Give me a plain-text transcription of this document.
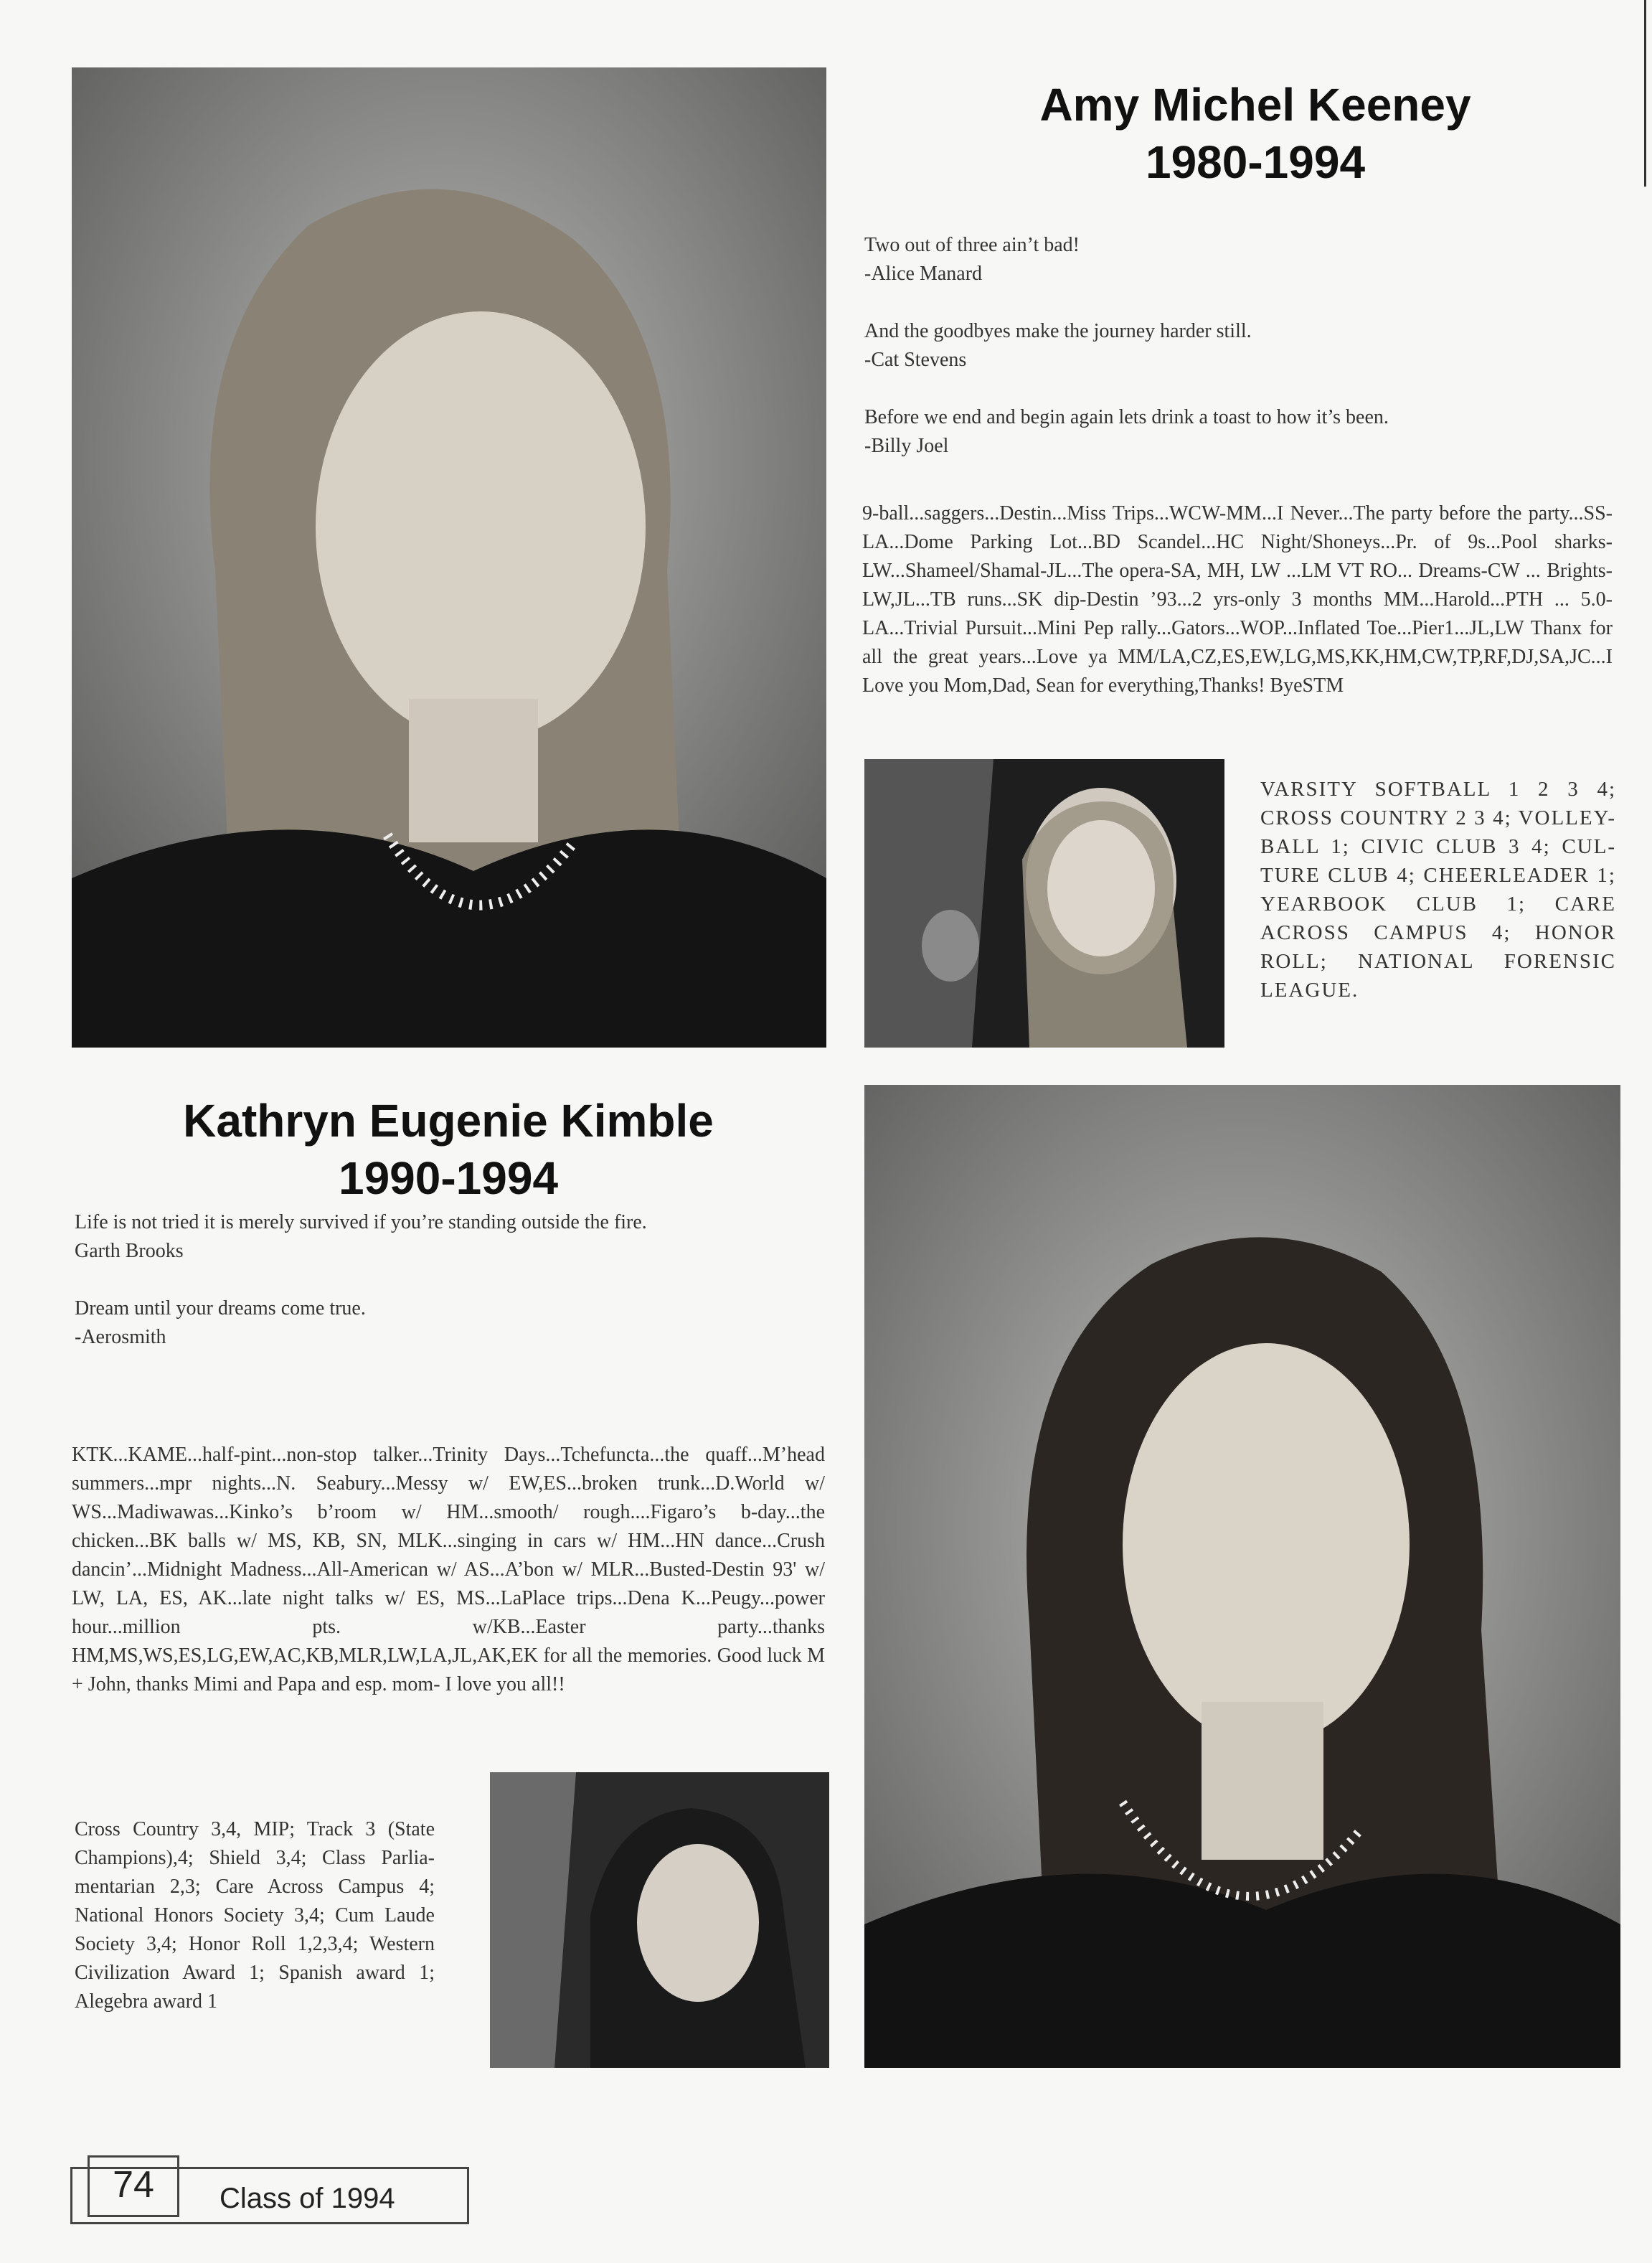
Amy Michel Keeney
1980-1994

Two out of three ain’t bad!

-Alice Manard

And the goodbyes make the journey harder still.

-Cat Stevens

Before we end and begin again lets drink a toast to how it’s been.

-Billy Joel

9-ball...saggers...Destin...Miss Trips...WCW-MM...I Never...The party before the party...SS-LA...Dome Parking Lot...BD Scandel...HC Night/Shoneys...Pr. of 9s...Pool sharks-LW...Shameel/Shamal-JL...The opera-SA, MH, LW ...LM VT RO... Dreams-CW ... Brights-LW,JL...TB runs...SK dip-Destin ’93...2 yrs-only 3 months MM...Harold...PTH ... 5.0-LA...Trivial Pursuit...Mini Pep rally...Gators...WOP...Inflated Toe...Pier1...JL,LW Thanx for all the great years...Love ya MM/LA,CZ,ES,EW,LG,MS,KK,HM,CW,TP,RF,DJ,SA,JC...I Love you Mom,Dad, Sean for everything,Thanks! ByeSTM
VARSITY SOFTBALL 1 2 3 4; CROSS COUNTRY 2 3 4; VOLLEY-BALL 1; CIVIC CLUB 3 4; CUL-TURE CLUB 4; CHEERLEADER 1; YEARBOOK CLUB 1; CARE ACROSS CAMPUS 4; HONOR ROLL; NATIONAL FORENSIC LEAGUE.
Kathryn Eugenie Kimble
1990-1994

Life is not tried it is merely survived if you’re standing outside the fire.

Garth Brooks

Dream until your dreams come true.

-Aerosmith

KTK...KAME...half-pint...non-stop talker...Trinity Days...Tchefuncta...the quaff...M’head summers...mpr nights...N. Seabury...Messy w/ EW,ES...broken trunk...D.World w/ WS...Madiwawas...Kinko’s b’room w/ HM...smooth/ rough....Figaro’s b-day...the chicken...BK balls w/ MS, KB, SN, MLK...singing in cars w/ HM...HN dance...Crush dancin’...Midnight Madness...All-American w/ AS...A’bon w/ MLR...Busted-Destin 93' w/ LW, LA, ES, AK...late night talks w/ ES, MS...LaPlace trips...Dena K...Peugy...power hour...million pts. w/KB...Easter party...thanks HM,MS,WS,ES,LG,EW,AC,KB,MLR,LW,LA,JL,AK,EK for all the memories. Good luck M + John, thanks Mimi and Papa and esp. mom- I love you all!!
Cross Country 3,4, MIP; Track 3 (State Champions),4; Shield 3,4; Class Parlia-mentarian 2,3; Care Across Campus 4; National Honors Society 3,4; Cum Laude Society 3,4; Honor Roll 1,2,3,4; Western Civilization Award 1; Spanish award 1; Alegebra award 1
74	Class of 1994
